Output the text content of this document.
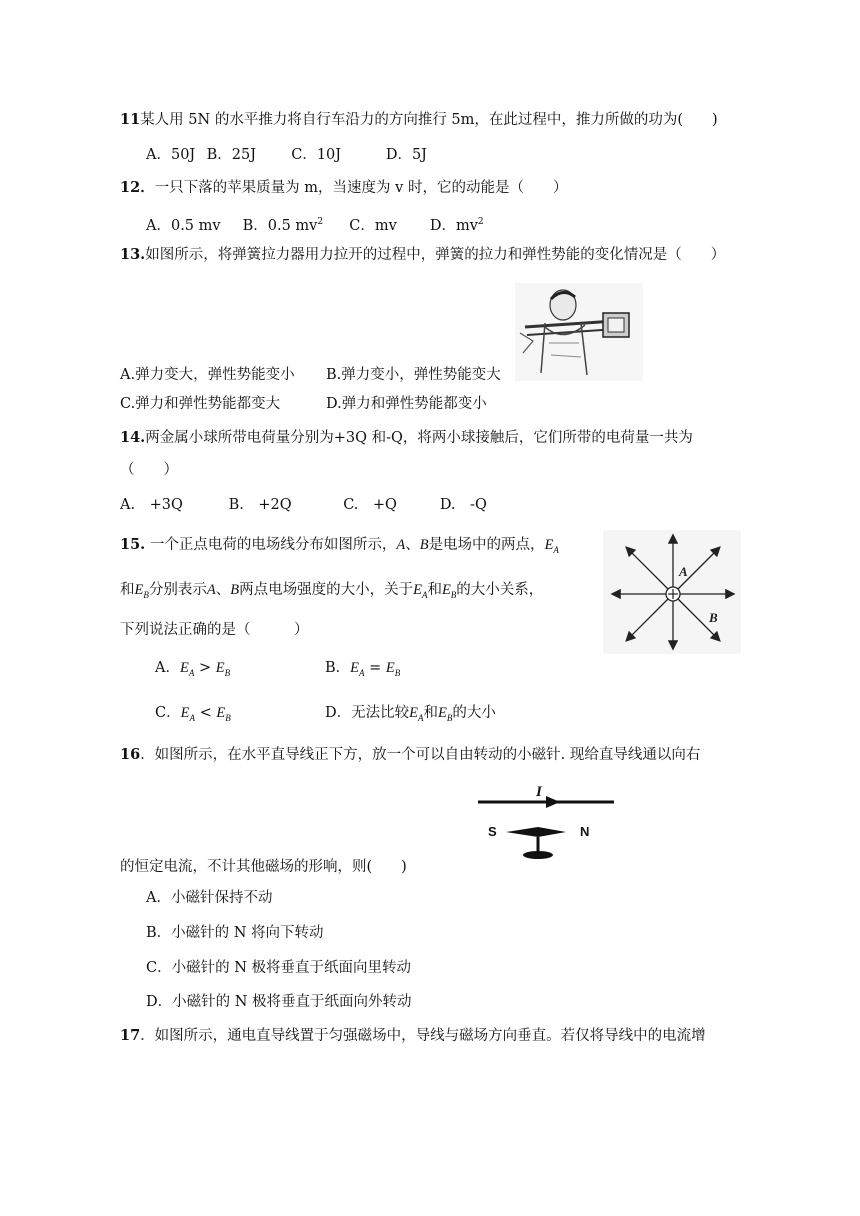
11某人用 5N 的水平推力将自行车沿力的方向推行 5m，在此过程中，推力所做的功为(　　)
A．50J B．25J C．10J	D．5J
12．一只下落的苹果质量为 m，当速度为 v 时，它的动能是（　　）
A．0.5 mv B．0.5 $mv^2$ C．mv D．$mv^2$
13.如图所示，将弹簧拉力器用力拉开的过程中，弹簧的拉力和弹性势能的变化情况是（　　）
A.弹力变大，弹性势能变小 B.弹力变小，弹性势能变大
C.弹力和弹性势能都变大	D.弹力和弹性势能都变小
14.两金属小球所带电荷量分别为+3Q 和-Q，将两小球接触后，它们所带的电荷量一共为
（　　）
A.　+3Q	B.　+2Q	C.　+Q	D.　-Q
15. 一个正点电荷的电场线分布如图所示，A、B是电场中的两点，$E_A$
和$E_B$分别表示A、B两点电场强度的大小，关于$E_A$和$E_B$的大小关系，
下列说法正确的是（　　　）
A．$E_A > E_B$	B．$E_A = E_B$
C．$E_A < E_B$	D．无法比较$E_A$和$E_B$的大小
A
B
16．如图所示，在水平直导线正下方，放一个可以自由转动的小磁针. 现给直导线通以向右
I
S	N
的恒定电流，不计其他磁场的形响，则(　　)
A．小磁针保持不动
B．小磁针的 N 将向下转动
C．小磁针的 N 极将垂直于纸面向里转动
D．小磁针的 N 极将垂直于纸面向外转动
17．如图所示，通电直导线置于匀强磁场中，导线与磁场方向垂直。若仅将导线中的电流增
